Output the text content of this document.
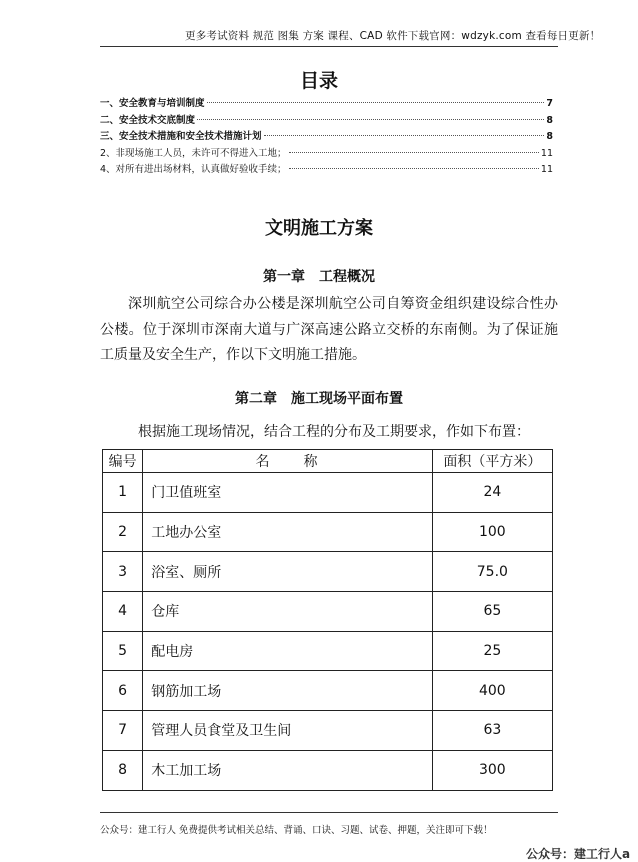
更多考试资料 规范 图集 方案 课程、CAD 软件下载官网：wdzyk.com 查看每日更新！
目录
一、安全教育与培训制度	7
二、安全技术交底制度	8
三、安全技术措施和安全技术措施计划	8
2、非现场施工人员，未许可不得进入工地；	11
4、对所有进出场材料，认真做好验收手续；	11
文明施工方案
第一章　工程概况
深圳航空公司综合办公楼是深圳航空公司自筹资金组织建设综合性办公楼。位于深圳市深南大道与广深高速公路立交桥的东南侧。为了保证施工质量及安全生产，作以下文明施工措施。
第二章　施工现场平面布置
根据施工现场情况，结合工程的分布及工期要求，作如下布置：
编号	名　　称	面积（平方米）
1	门卫值班室	24
2	工地办公室	100
3	浴室、厕所	75.0
4	仓库	65
5	配电房	25
6	钢筋加工场	400
7	管理人员食堂及卫生间	63
8	木工加工场	300
公众号：建工行人 免费提供考试相关总结、背诵、口诀、习题、试卷、押题，关注即可下载！
公众号：建工行人a
